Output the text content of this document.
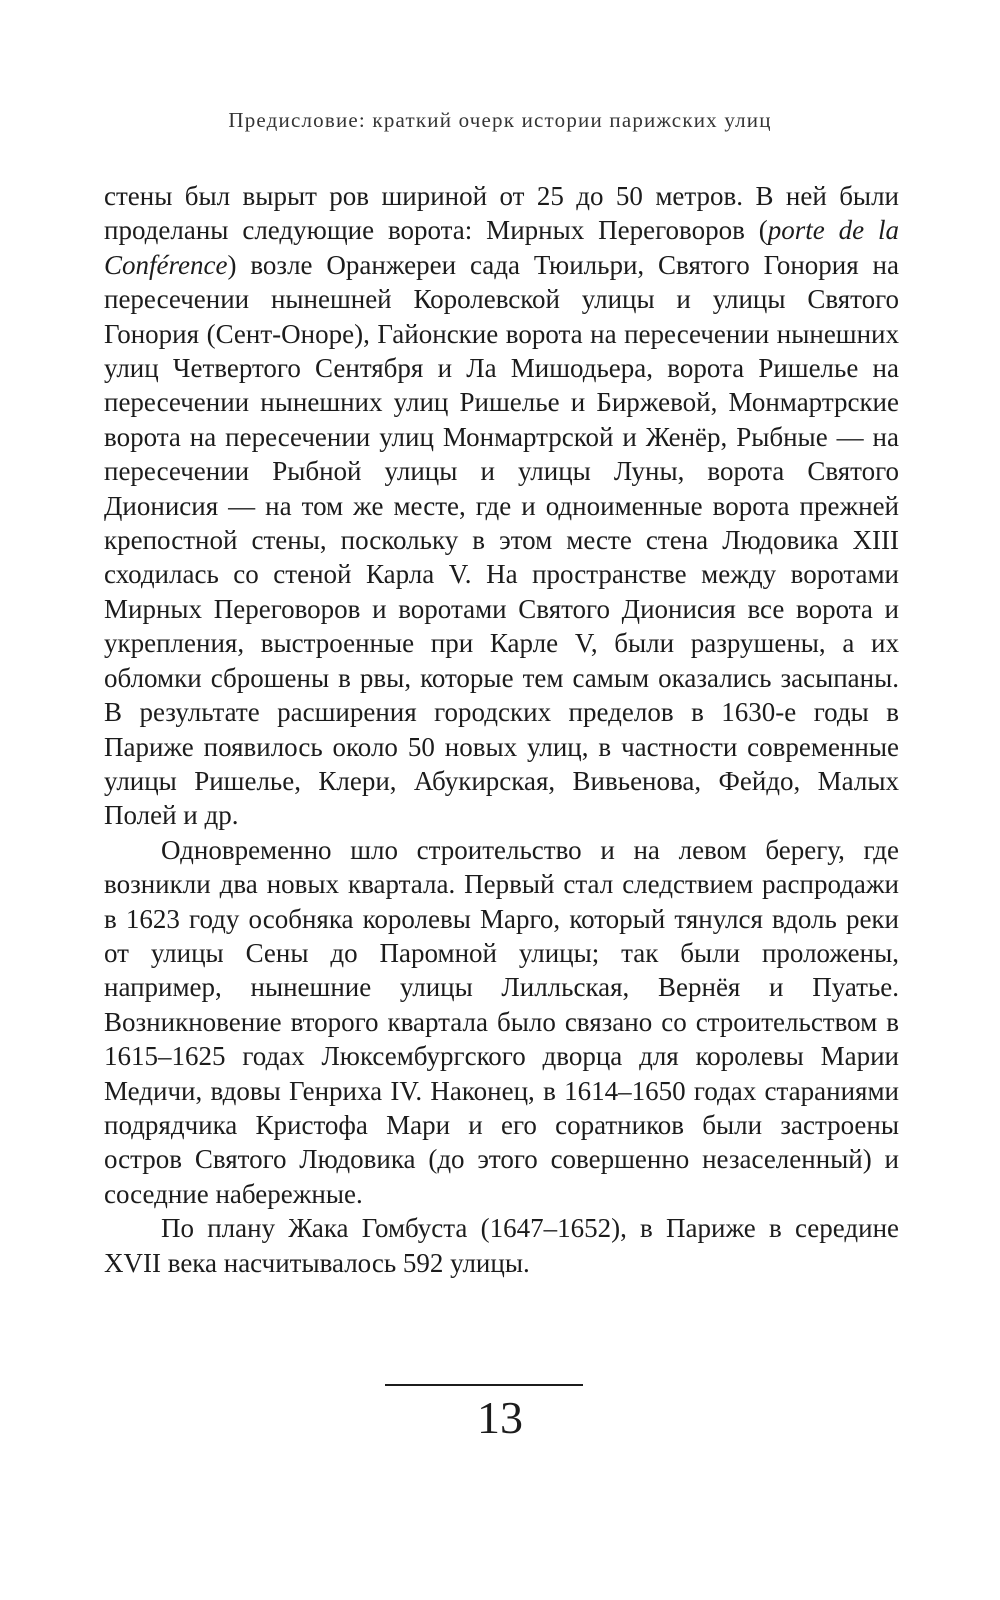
Предисловие: краткий очерк истории парижских улиц

стены был вырыт ров шириной от 25 до 50 метров. В ней были проделаны следующие ворота: Мирных Переговоров (porte de la Conférence) возле Оранжереи сада Тюильри, Святого Гонория на пересечении нынешней Королевской улицы и улицы Святого Гонория (Сент-Оноре), Гайонские ворота на пересечении нынешних улиц Четвертого Сентября и Ла Мишодьера, ворота Ришелье на пересечении нынешних улиц Ришелье и Биржевой, Монмартрские ворота на пересечении улиц Монмартрской и Женёр, Рыбные — на пересечении Рыбной улицы и улицы Луны, ворота Святого Дионисия — на том же месте, где и одноименные ворота прежней крепостной стены, поскольку в этом месте стена Людовика XIII сходилась со стеной Карла V. На пространстве между воротами Мирных Переговоров и воротами Святого Дионисия все ворота и укрепления, выстроенные при Карле V, были разрушены, а их обломки сброшены в рвы, которые тем самым оказались засыпаны. В результате расширения городских пределов в 1630-е годы в Париже появилось около 50 новых улиц, в частности современные улицы Ришелье, Клери, Абукирская, Вивьенова, Фейдо, Малых Полей и др.

Одновременно шло строительство и на левом берегу, где возникли два новых квартала. Первый стал следствием распродажи в 1623 году особняка королевы Марго, который тянулся вдоль реки от улицы Сены до Паромной улицы; так были проложены, например, нынешние улицы Лилльская, Вернёя и Пуатье. Возникновение второго квартала было связано со строительством в 1615–1625 годах Люксембургского дворца для королевы Марии Медичи, вдовы Генриха IV. Наконец, в 1614–1650 годах стараниями подрядчика Кристофа Мари и его соратников были застроены остров Святого Людовика (до этого совершенно незаселенный) и соседние набережные.

По плану Жака Гомбуста (1647–1652), в Париже в середине XVII века насчитывалось 592 улицы.

13
